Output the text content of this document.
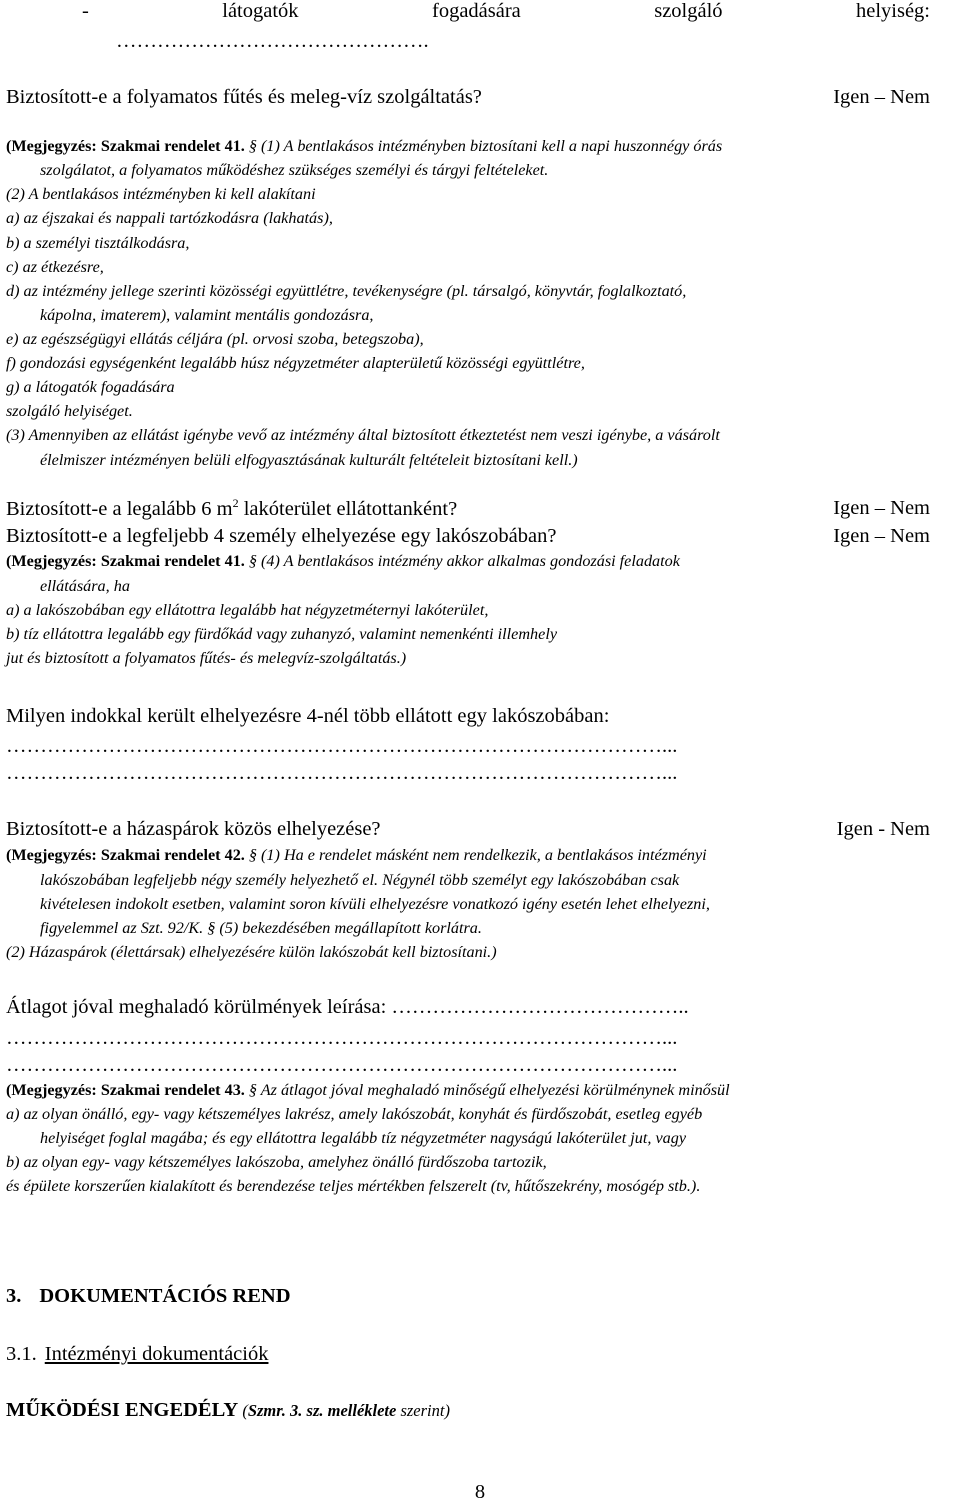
-	látogatók	fogadására	szolgáló	helyiség:
……………………………………….
Biztosított-e a folyamatos fűtés és meleg-víz szolgáltatás?	Igen – Nem
(Megjegyzés: Szakmai rendelet 41. § (1) A bentlakásos intézményben biztosítani kell a napi huszonnégy órás
szolgálatot, a folyamatos működéshez szükséges személyi és tárgyi feltételeket.
(2) A bentlakásos intézményben ki kell alakítani
a) az éjszakai és nappali tartózkodásra (lakhatás),
b) a személyi tisztálkodásra,
c) az étkezésre,
d) az intézmény jellege szerinti közösségi együttlétre, tevékenységre (pl. társalgó, könyvtár, foglalkoztató,
kápolna, imaterem), valamint mentális gondozásra,
e) az egészségügyi ellátás céljára (pl. orvosi szoba, betegszoba),
f) gondozási egységenként legalább húsz négyzetméter alapterületű közösségi együttlétre,
g) a látogatók fogadására
szolgáló helyiséget.
(3) Amennyiben az ellátást igénybe vevő az intézmény által biztosított étkeztetést nem veszi igénybe, a vásárolt
élelmiszer intézményen belüli elfogyasztásának kulturált feltételeit biztosítani kell.)
Biztosított-e a legalább 6 $m^2$ lakóterület ellátottanként?	Igen – Nem
Biztosított-e a legfeljebb 4 személy elhelyezése egy lakószobában?	Igen – Nem
(Megjegyzés: Szakmai rendelet 41. § (4) A bentlakásos intézmény akkor alkalmas gondozási feladatok
ellátására, ha
a) a lakószobában egy ellátottra legalább hat négyzetméternyi lakóterület,
b) tíz ellátottra legalább egy fürdőkád vagy zuhanyzó, valamint nemenkénti illemhely
jut és biztosított a folyamatos fűtés- és melegvíz-szolgáltatás.)
Milyen indokkal került elhelyezésre 4-nél több ellátott egy lakószobában:
……………………………………………………………………………………...
……………………………………………………………………………………...
Biztosított-e a házaspárok közös elhelyezése?	Igen - Nem
(Megjegyzés: Szakmai rendelet 42. § (1) Ha e rendelet másként nem rendelkezik, a bentlakásos intézményi
lakószobában legfeljebb négy személy helyezhető el. Négynél több személyt egy lakószobában csak
kivételesen indokolt esetben, valamint soron kívüli elhelyezésre vonatkozó igény esetén lehet elhelyezni,
figyelemmel az Szt. 92/K. § (5) bekezdésében megállapított korlátra.
(2) Házaspárok (élettársak) elhelyezésére külön lakószobát kell biztosítani.)
Átlagot jóval meghaladó körülmények leírása: ……………………………………..
……………………………………………………………………………………...
……………………………………………………………………………………...
(Megjegyzés: Szakmai rendelet 43. § Az átlagot jóval meghaladó minőségű elhelyezési körülménynek minősül
a) az olyan önálló, egy- vagy kétszemélyes lakrész, amely lakószobát, konyhát és fürdőszobát, esetleg egyéb
helyiséget foglal magába; és egy ellátottra legalább tíz négyzetméter nagyságú lakóterület jut, vagy
b) az olyan egy- vagy kétszemélyes lakószoba, amelyhez önálló fürdőszoba tartozik,
és épülete korszerűen kialakított és berendezése teljes mértékben felszerelt (tv, hűtőszekrény, mosógép stb.).
3. DOKUMENTÁCIÓS REND
3.1. Intézményi dokumentációk
MŰKÖDÉSI ENGEDÉLY (Szmr. 3. sz. melléklete szerint)
8
